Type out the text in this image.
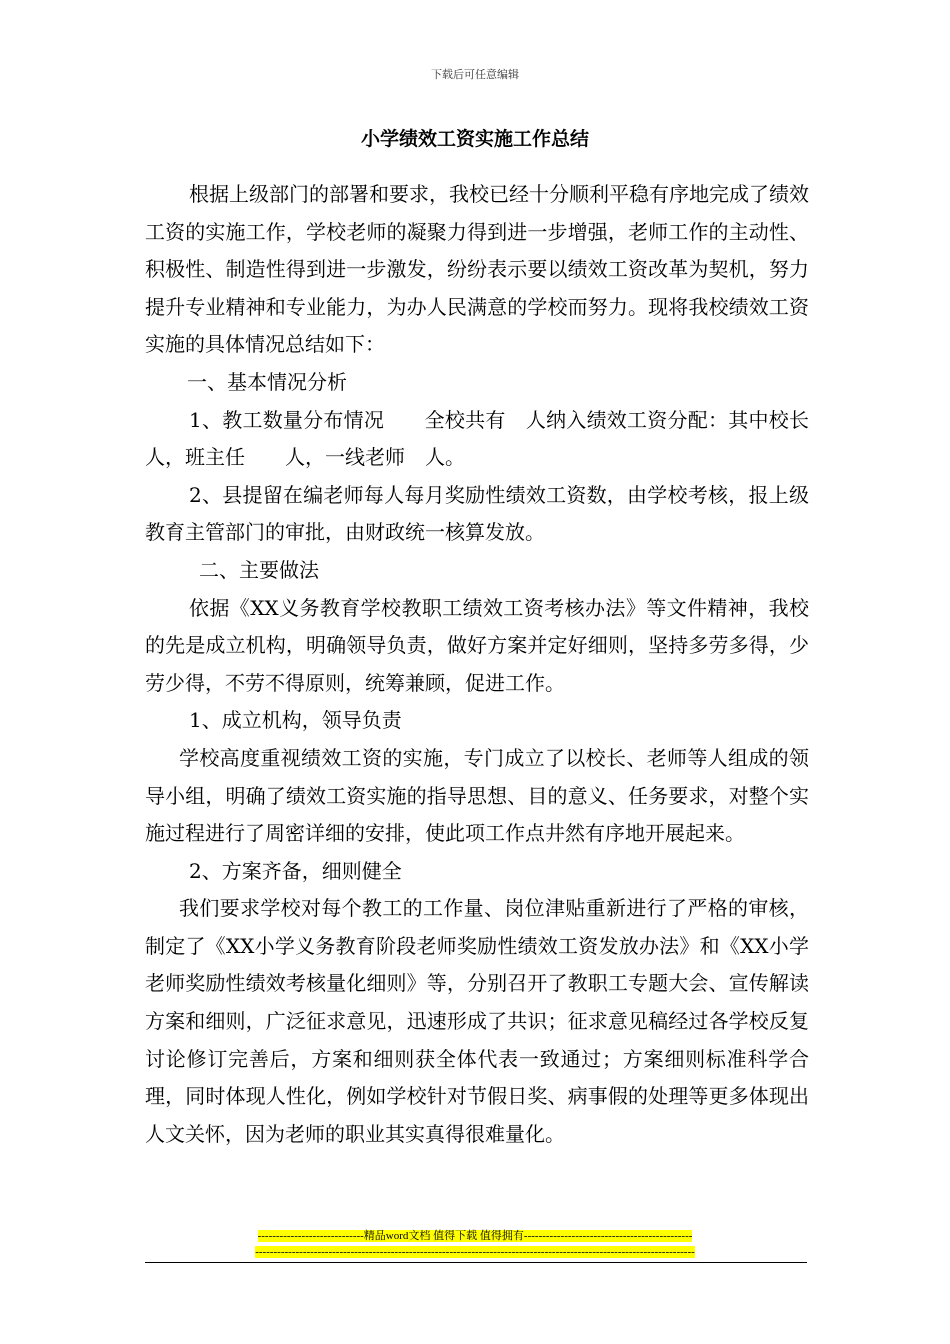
下载后可任意编辑
小学绩效工资实施工作总结

根据上级部门的部署和要求，我校已经十分顺利平稳有序地完成了绩效工资的实施工作，学校老师的凝聚力得到进一步增强，老师工作的主动性、积极性、制造性得到进一步激发，纷纷表示要以绩效工资改革为契机，努力提升专业精神和专业能力，为办人民满意的学校而努力。现将我校绩效工资实施的具体情况总结如下：

一、基本情况分析

1、教工数量分布情况　　全校共有　人纳入绩效工资分配：其中校长　人，班主任　　人，一线老师　人。

2、县提留在编老师每人每月奖励性绩效工资数，由学校考核，报上级教育主管部门的审批，由财政统一核算发放。

二、主要做法

依据《XX义务教育学校教职工绩效工资考核办法》等文件精神，我校的先是成立机构，明确领导负责，做好方案并定好细则，坚持多劳多得，少劳少得，不劳不得原则，统筹兼顾，促进工作。

1、成立机构，领导负责

学校高度重视绩效工资的实施，专门成立了以校长、老师等人组成的领导小组，明确了绩效工资实施的指导思想、目的意义、任务要求，对整个实施过程进行了周密详细的安排，使此项工作点井然有序地开展起来。

2、方案齐备，细则健全

我们要求学校对每个教工的工作量、岗位津贴重新进行了严格的审核，制定了《XX小学义务教育阶段老师奖励性绩效工资发放办法》和《XX小学老师奖励性绩效考核量化细则》等，分别召开了教职工专题大会、宣传解读方案和细则，广泛征求意见，迅速形成了共识；征求意见稿经过各学校反复讨论修订完善后，方案和细则获全体代表一致通过；方案细则标准科学合理，同时体现人性化，例如学校针对节假日奖、病事假的处理等更多体现出人文关怀，因为老师的职业其实真得很难量化。

-----------------------------精品word文档 值得下载 值得拥有----------------------------------------------
------------------------------------------------------------------------------------------------------------------------
